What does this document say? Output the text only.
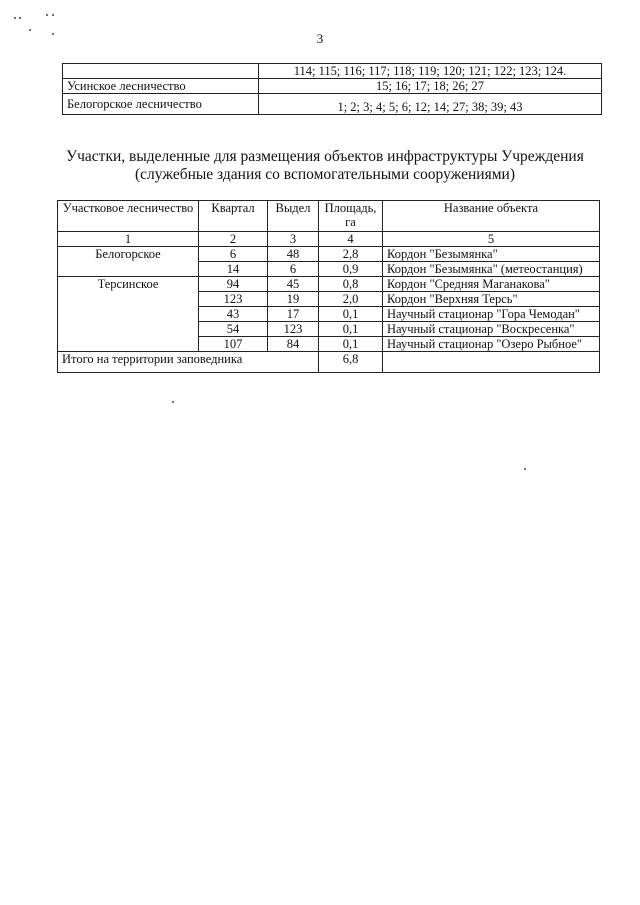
3
	114; 115; 116; 117; 118; 119; 120; 121; 122; 123; 124.
Усинское лесничество	15; 16; 17; 18; 26; 27
Белогорское лесничество	1; 2; 3; 4; 5; 6; 12; 14; 27; 38; 39; 43
Участки, выделенные для размещения объектов инфраструктуры Учреждения
(служебные здания со вспомогательными сооружениями)
Участковое лесничество	Квартал	Выдел	Площадь, га	Название объекта
1	2	3	4	5
Белогорское	6	48	2,8	Кордон "Безымянка"
	14	6	0,9	Кордон "Безымянка" (метеостанция)
Терсинское	94	45	0,8	Кордон "Средняя Маганакова"
	123	19	2,0	Кордон "Верхняя Терсь"
	43	17	0,1	Научный стационар "Гора Чемодан"
	54	123	0,1	Научный стационар "Воскресенка"
	107	84	0,1	Научный стационар "Озеро Рыбное"
Итого на территории заповедника			6,8	
